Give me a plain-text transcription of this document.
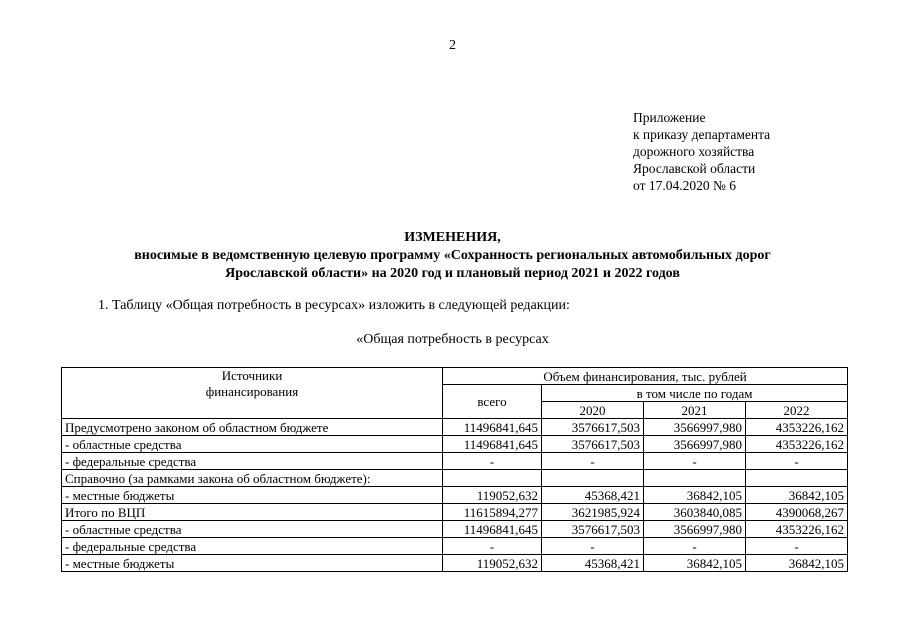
2
Приложение
к приказу департамента
дорожного хозяйства
Ярославской области
от 17.04.2020 № 6
ИЗМЕНЕНИЯ,
вносимые в ведомственную целевую программу «Сохранность региональных автомобильных дорог
Ярославской области» на 2020 год и плановый период 2021 и 2022 годов
1. Таблицу «Общая потребность в ресурсах» изложить в следующей редакции:
«Общая потребность в ресурсах
Источники
финансирования	Объем финансирования, тыс. рублей			
	всего	в том числе по годам		
		2020	2021	2022
Предусмотрено законом об областном бюджете	11496841,645	3576617,503	3566997,980	4353226,162
- областные средства	11496841,645	3576617,503	3566997,980	4353226,162
- федеральные средства	-	-	-	-
Справочно (за рамками закона об областном бюджете):				
- местные бюджеты	119052,632	45368,421	36842,105	36842,105
Итого по ВЦП	11615894,277	3621985,924	3603840,085	4390068,267
- областные средства	11496841,645	3576617,503	3566997,980	4353226,162
- федеральные средства	-	-	-	-
- местные бюджеты	119052,632	45368,421	36842,105	36842,105
